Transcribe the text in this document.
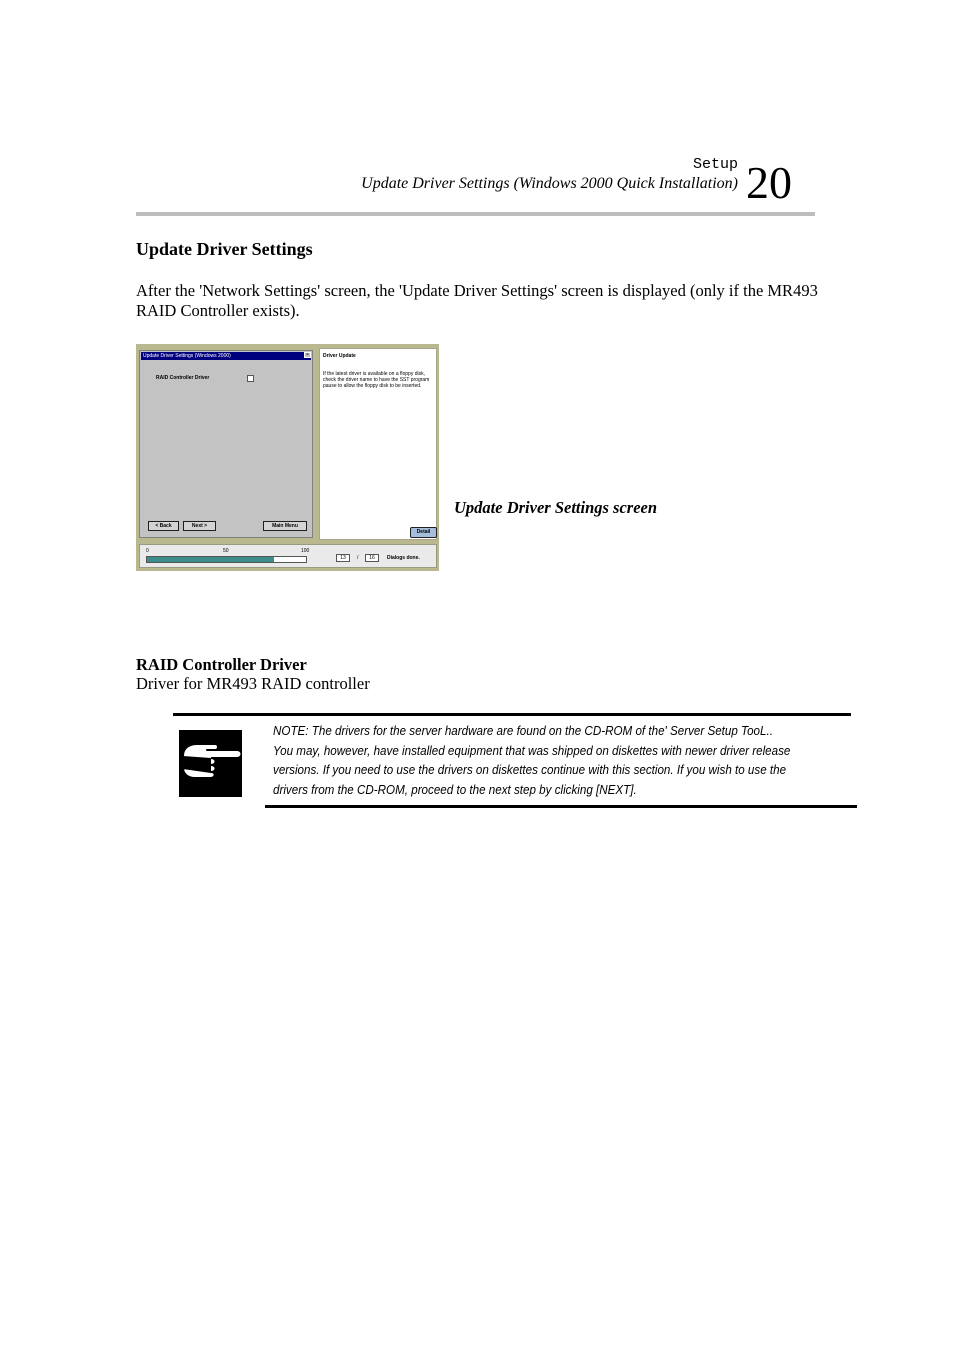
Setup
Update Driver Settings (Windows 2000 Quick Installation) 20
Update Driver Settings
After the 'Network Settings' screen, the 'Update Driver Settings' screen is displayed (only if the MR493 RAID Controller exists).
Update Driver Settings (Windows 2000)	×
RAID Controller Driver
< Back	Next >	Main Menu
Driver Update
If the latest driver is available on a floppy disk, check the driver name to have the SST program pause to allow the floppy disk to be inserted.
Detail
0	50	100
13	/	16	Dialogs done.
Update Driver Settings screen
RAID Controller Driver
Driver for MR493 RAID controller
NOTE: The drivers for the server hardware are found on the CD-ROM of the' Server Setup TooL.. You may, however, have installed equipment that was shipped on diskettes with newer driver release versions. If you need to use the drivers on diskettes continue with this section. If you wish to use the drivers from the CD-ROM, proceed to the next step by clicking [NEXT].
